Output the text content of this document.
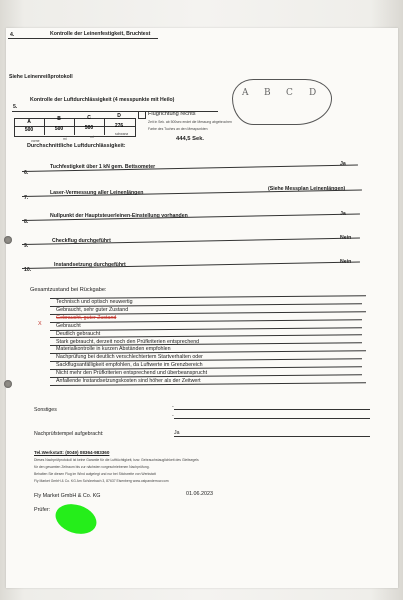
4.	Kontrolle der Leinenfestigkeit, Bruchtest
Siehe Leinenreißprotokoll
5.
Kontrolle der Luftdurchlässigkeit (4 messpunkte mit Heilo)
A B C D
A	B	C	D
500	500	500	276
vorne	mi	mi
schwanz
Flugrichtung rechts
Zeit in Sek. ab 500sec endet die Messung abgebrochen
Farbe des Tuches an den Messpunkten
Durchschnittliche Luftdurchlässigkeit:
444,5 Sek.
6.
Tuchfestigkeit über 1 kN gem. Bettsometer	Ja
7.
Laser-Vermessung aller Leinenlängen
(Siehe Messplan Leinenlängen)
8.
Nullpunkt der Hauptsteuerleinen-Einstellung vorhanden	Ja
9.
Checkflug durchgeführt	Nein
10.
Instandsetzung durchgeführt	Nein
Gesamtzustand bei Rückgabe:
Technisch und optisch neuwertig
Gebraucht, sehr guter Zustand
Gebraucht, guter Zustand
Gebraucht
Deutlich gebraucht
Stark gebraucht, derzeit noch den Prüfkriterien entsprechend
Materialkontrolle in kurzen Abständen empfohlen
Nachprüfung bei deutlich verschlechtertem Startverhalten oder
Sackflugsanfälligkeit empfohlen, da Luftwerte im Grenzbereich
Nicht mehr den Prüfkriterien entsprechend und überbeansprucht
Anfallende Instandsetzungskosten sind höher als der Zeitwert
X
Sonstiges	-
-
Nachprüfstempel aufgebracht:	Ja
Tel.Werkstatt: (0049) 08364-983360
Dieses Nachprüfprotokoll ist keine Garantie für die Lufttüchtigkeit, bzw. Gebrauchstauglichkeit des Gleitsegels
für den gesamten Zeitraum bis zur nächsten vorgeschriebenen Nachprüfung.
Behalten Sie diesen Flug im Wind aufgelegt und nur bei Stichweite von Werkstatt
Fly Market GmbH & Co. KG Am Schönebach 3, 87637 Eisenberg www.ostpanderrow.com
Fly Market GmbH & Co. KG	01.06.2023
Prüfer:
